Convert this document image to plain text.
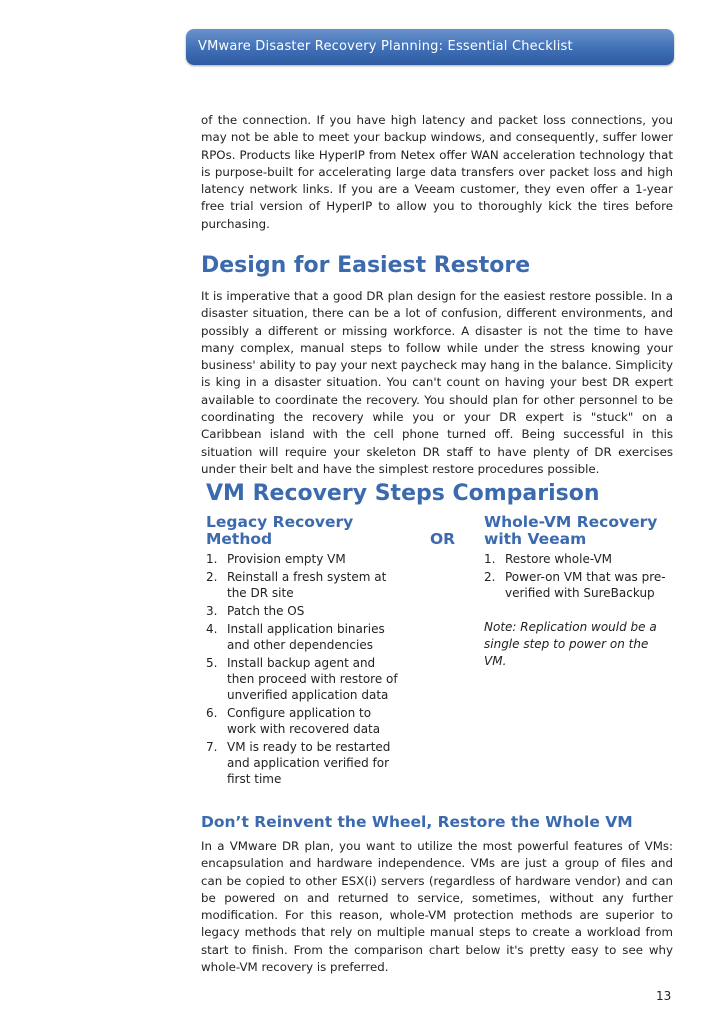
VMware Disaster Recovery Planning: Essential Checklist

of the connection. If you have high latency and packet loss connections, you may not be able to meet your backup windows, and consequently, suffer lower RPOs. Products like HyperIP from Netex offer WAN acceleration technology that is purpose-built for accelerating large data transfers over packet loss and high latency network links. If you are a Veeam customer, they even offer a 1-year free trial version of HyperIP to allow you to thoroughly kick the tires before purchasing.

Design for Easiest Restore

It is imperative that a good DR plan design for the easiest restore possible. In a disaster situation, there can be a lot of confusion, different environments, and possibly a different or missing workforce. A disaster is not the time to have many complex, manual steps to follow while under the stress knowing your business' ability to pay your next paycheck may hang in the balance. Simplicity is king in a disaster situation. You can't count on having your best DR expert available to coordinate the recovery. You should plan for other personnel to be coordinating the recovery while you or your DR expert is "stuck" on a Caribbean island with the cell phone turned off. Being successful in this situation will require your skeleton DR staff to have plenty of DR exercises under their belt and have the simplest restore procedures possible.

VM Recovery Steps Comparison
Legacy Recovery
Method	OR
Whole-VM Recovery
with Veeam
1. Provision empty VM
2. Reinstall a fresh system at the DR site
3. Patch the OS
4. Install application binaries and other dependencies
5. Install backup agent and then proceed with restore of unverified application data
6. Configure application to work with recovered data
7. VM is ready to be restarted and application verified for first time
1. Restore whole-VM
2. Power-on VM that was pre-verified with SureBackup

Note: Replication would be a single step to power on the VM.

Don’t Reinvent the Wheel, Restore the Whole VM

In a VMware DR plan, you want to utilize the most powerful features of VMs: encapsulation and hardware independence. VMs are just a group of files and can be copied to other ESX(i) servers (regardless of hardware vendor) and can be powered on and returned to service, sometimes, without any further modification. For this reason, whole-VM protection methods are superior to legacy methods that rely on multiple manual steps to create a workload from start to finish. From the comparison chart below it's pretty easy to see why whole-VM recovery is preferred.

13
